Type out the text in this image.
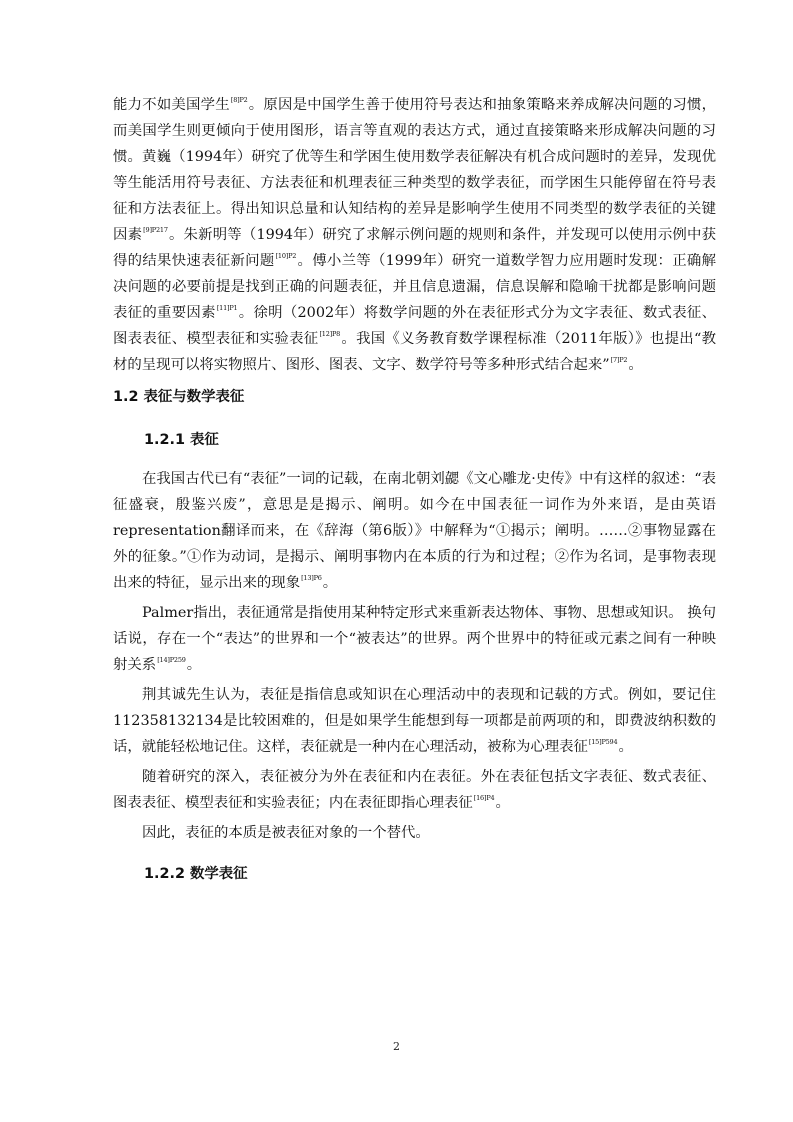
能力不如美国学生$^{[8]P2}$。原因是中国学生善于使用符号表达和抽象策略来养成解决问题的习惯，而美国学生则更倾向于使用图形，语言等直观的表达方式，通过直接策略来形成解决问题的习惯。黄巍（1994年）研究了优等生和学困生使用数学表征解决有机合成问题时的差异，发现优等生能活用符号表征、方法表征和机理表征三种类型的数学表征，而学困生只能停留在符号表征和方法表征上。得出知识总量和认知结构的差异是影响学生使用不同类型的数学表征的关键因素$^{[9]P217}$。朱新明等（1994年）研究了求解示例问题的规则和条件，并发现可以使用示例中获得的结果快速表征新问题$^{[10]P2}$。傅小兰等（1999年）研究一道数学智力应用题时发现：正确解决问题的必要前提是找到正确的问题表征，并且信息遗漏，信息误解和隐喻干扰都是影响问题表征的重要因素$^{[11]P1}$。徐明（2002年）将数学问题的外在表征形式分为文字表征、数式表征、图表表征、模型表征和实验表征$^{[12]P8}$。我国《义务教育数学课程标准（2011年版）》也提出“教材的呈现可以将实物照片、图形、图表、文字、数学符号等多种形式结合起来”$^{[7]P2}$。

1.2 表征与数学表征
1.2.1 表征

在我国古代已有“表征”一词的记载，在南北朝刘勰《文心雕龙·史传》中有这样的叙述：“表征盛衰，殷鉴兴废”，意思是是揭示、阐明。如今在中国表征一词作为外来语，是由英语representation翻译而来，在《辞海（第6版）》中解释为“①揭示；阐明。……②事物显露在外的征象。”①作为动词，是揭示、阐明事物内在本质的行为和过程；②作为名词，是事物表现出来的特征，显示出来的现象$^{[13]P6}$。

Palmer指出，表征通常是指使用某种特定形式来重新表达物体、事物、思想或知识。 换句话说，存在一个“表达”的世界和一个“被表达”的世界。两个世界中的特征或元素之间有一种映射关系$^{[14]P259}$。

荆其诚先生认为，表征是指信息或知识在心理活动中的表现和记载的方式。例如，要记住112358132134是比较困难的，但是如果学生能想到每一项都是前两项的和，即费波纳积数的话，就能轻松地记住。这样，表征就是一种内在心理活动，被称为心理表征$^{[15]P594}$。

随着研究的深入，表征被分为外在表征和内在表征。外在表征包括文字表征、数式表征、图表表征、模型表征和实验表征；内在表征即指心理表征$^{[16]P4}$。

因此，表征的本质是被表征对象的一个替代。

1.2.2 数学表征
2
